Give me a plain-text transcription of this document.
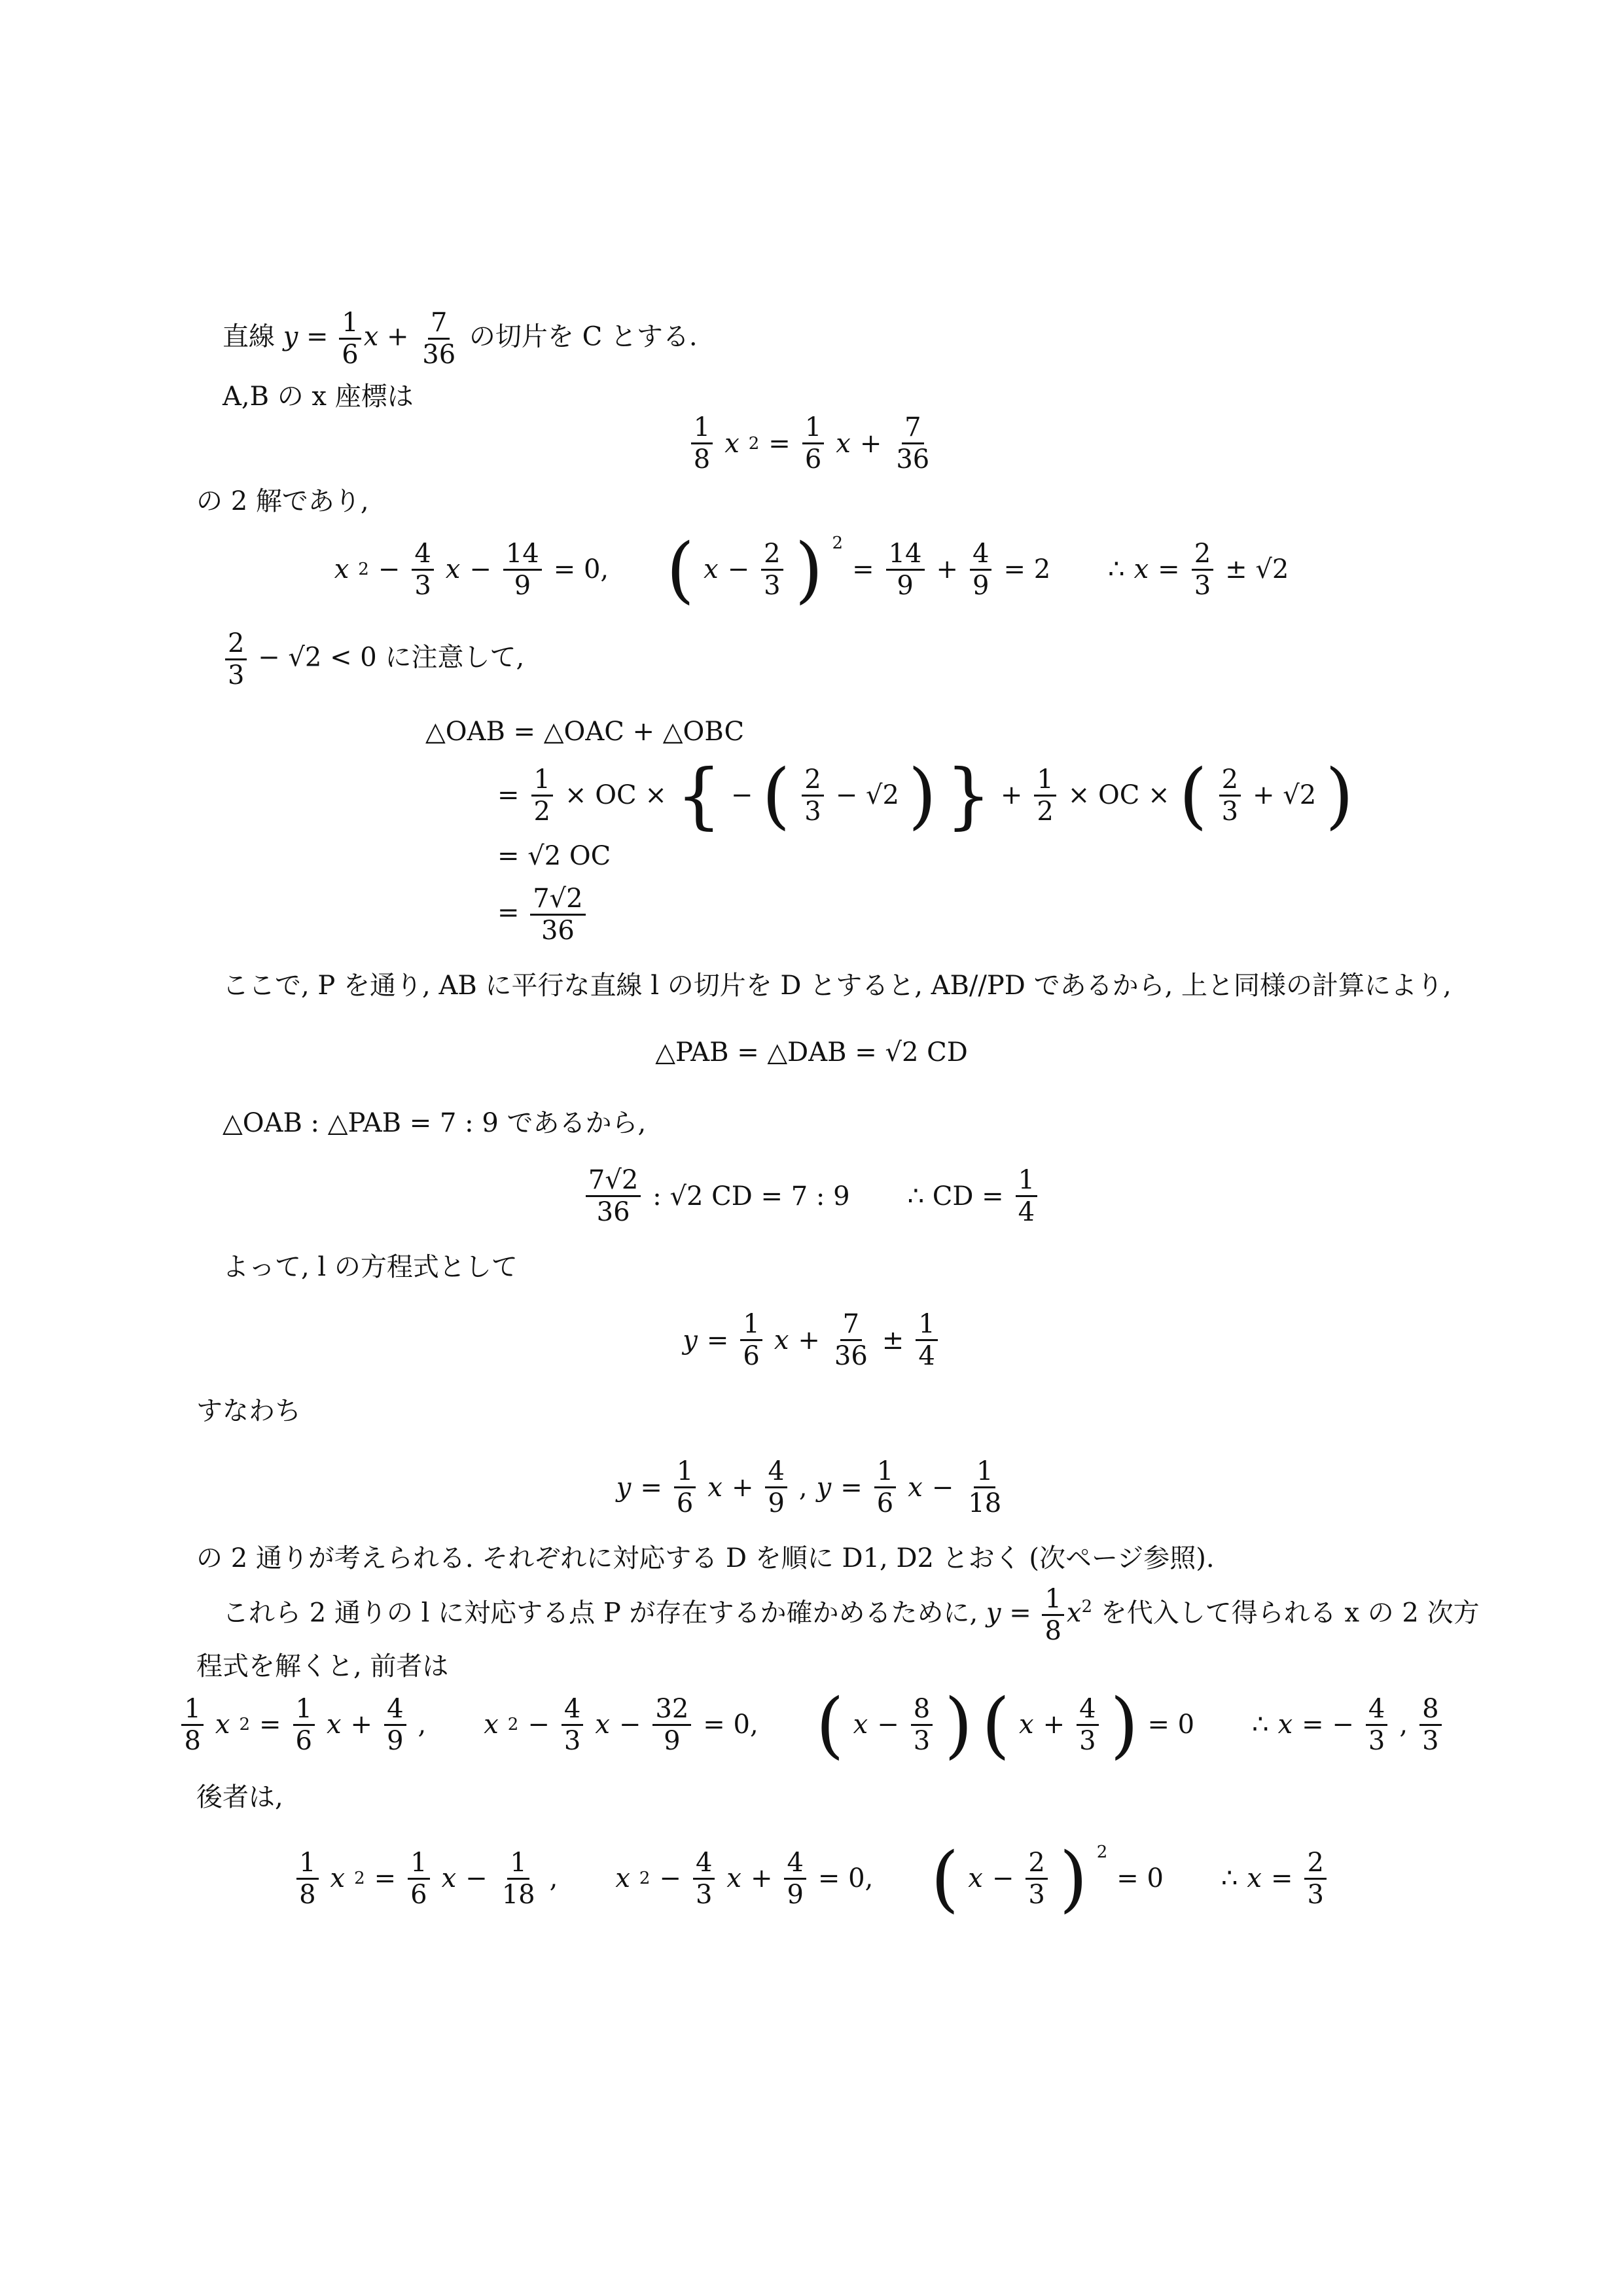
直線 $y = \frac{1}{6}$ $x + \frac{7}{36}$ の切片を C とする.
A,B の x 座標は
$\frac{1}{8}$ x $2 = \frac{1}{6}$ $x + \frac{7}{36}$
の 2 解であり,
x $2 - \frac{4}{3}$ $x - \frac{14}{9} = 0$, ( $x - \frac{2}{3}$ ) $^2$
= $\frac{14}{9} + \frac{4}{9} = 2$
∴ $x = \frac{2}{3} \pm √2$
$\frac{2}{3} - √2 < 0$ に注意して,
△OAB = △OAC + △OBC
= $\frac{1}{2}$ × OC × { − ( $\frac{2}{3} - √2$ ) } + $\frac{1}{2}$ × OC × ( $\frac{2}{3} + √2$ )
= √2 OC
= $\frac{7√2}{36}$
ここで, P を通り, AB に平行な直線 l の切片を D とすると, AB//PD であるから, 上と同様の計算により,
△PAB = △DAB = √2 CD
△OAB : △PAB = 7 : 9 であるから,
$\frac{7√2}{36}$ : √2 CD = 7 : 9
∴ CD = $\frac{1}{4}$
よって, l の方程式として
$y = \frac{1}{6}$ $x + \frac{7}{36} \pm \frac{1}{4}$
すなわち
$y = \frac{1}{6}$ $x + \frac{4}{9}$ , $y = \frac{1}{6}$ $x - \frac{1}{18}$
の 2 通りが考えられる. それぞれに対応する D を順に D1, D2 とおく (次ページ参照).
これら 2 通りの l に対応する点 P が存在するか確かめるために, $y = \frac{1}{8} x^2$ を代入して得られる x の 2 次方
程式を解くと, 前者は
$\frac{1}{8}$ x $2 = \frac{1}{6}$ $x + \frac{4}{9}$ , x $2 - \frac{4}{3}$ $x - \frac{32}{9} = 0$, ( $x - \frac{8}{3}$ ) ( $x + \frac{4}{3}$ ) = 0
∴ x = − $\frac{4}{3}$ , $\frac{8}{3}$
後者は,
$\frac{1}{8}$ x $2 = \frac{1}{6}$ $x - \frac{1}{18}$ , x $2 - \frac{4}{3}$ $x + \frac{4}{9} = 0$, ( $x - \frac{2}{3}$ ) $^2$
= 0
∴ $x = \frac{2}{3}$
